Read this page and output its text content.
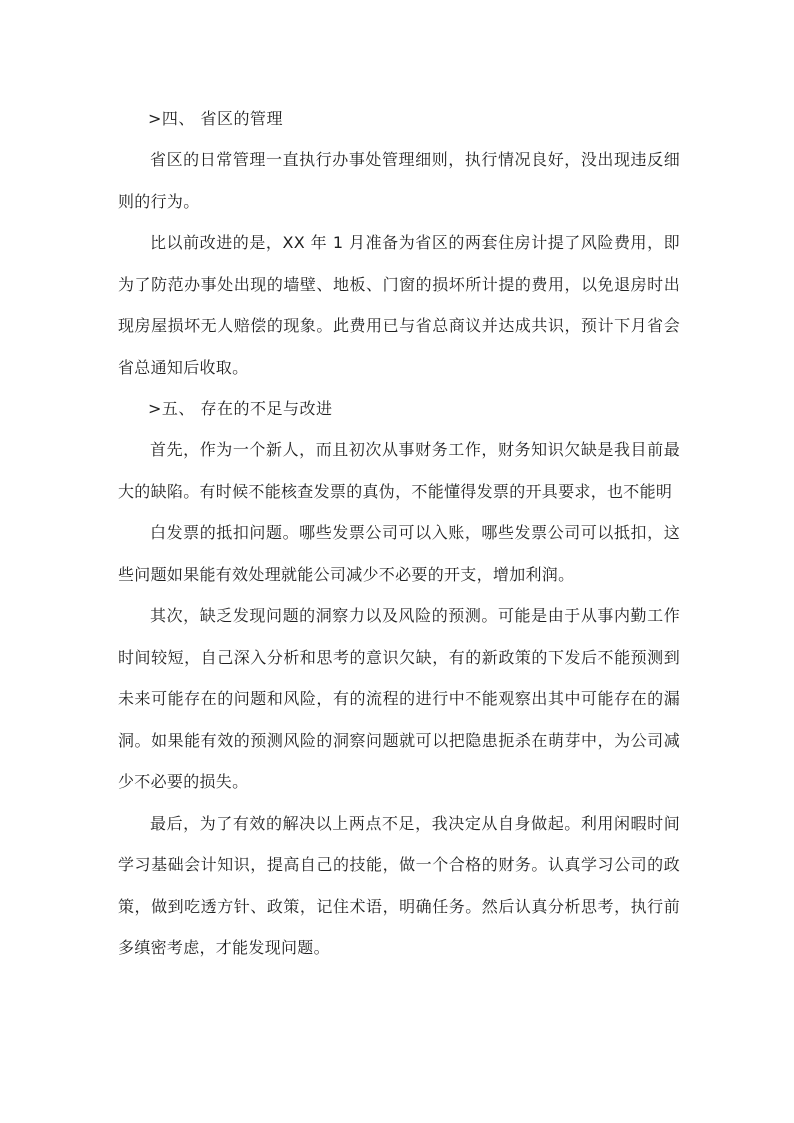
>四、 省区的管理

省区的日常管理一直执行办事处管理细则，执行情况良好，没出现违反细则的行为。

比以前改进的是，XX 年 1 月准备为省区的两套住房计提了风险费用，即为了防范办事处出现的墙壁、地板、门窗的损坏所计提的费用，以免退房时出现房屋损坏无人赔偿的现象。此费用已与省总商议并达成共识，预计下月省会省总通知后收取。

>五、 存在的不足与改进

首先，作为一个新人，而且初次从事财务工作，财务知识欠缺是我目前最大的缺陷。有时候不能核查发票的真伪，不能懂得发票的开具要求，也不能明

白发票的抵扣问题。哪些发票公司可以入账，哪些发票公司可以抵扣，这些问题如果能有效处理就能公司减少不必要的开支，增加利润。

其次，缺乏发现问题的洞察力以及风险的预测。可能是由于从事内勤工作时间较短，自己深入分析和思考的意识欠缺，有的新政策的下发后不能预测到未来可能存在的问题和风险，有的流程的进行中不能观察出其中可能存在的漏洞。如果能有效的预测风险的洞察问题就可以把隐患扼杀在萌芽中，为公司减少不必要的损失。

最后，为了有效的解决以上两点不足，我决定从自身做起。利用闲暇时间学习基础会计知识，提高自己的技能，做一个合格的财务。认真学习公司的政策，做到吃透方针、政策，记住术语，明确任务。然后认真分析思考，执行前多缜密考虑，才能发现问题。
